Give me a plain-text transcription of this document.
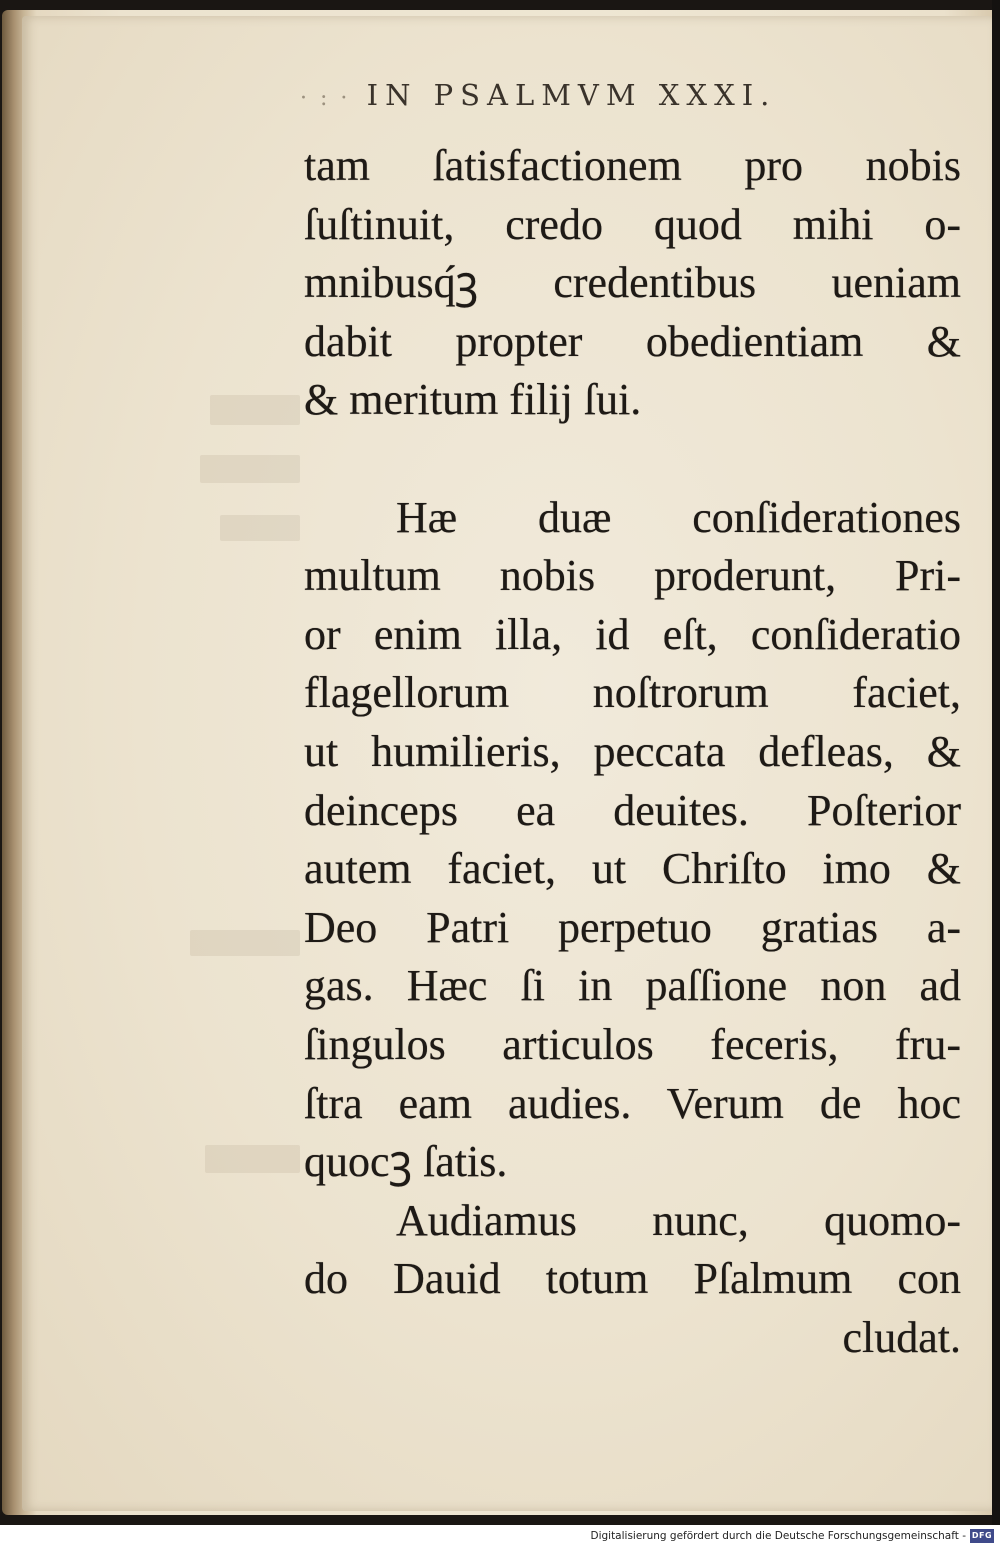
· : · IN PSALMVM XXXI.
tam ſatisfactionem pro nobis
ſuſtinuit, credo quod mihi o-
mnibusq́ꝫ credentibus ueniam
dabit propter obedientiam &
& meritum filij ſui.
Hæ duæ conſiderationes
multum nobis proderunt, Pri-
or enim illa, id eſt, conſideratio
flagellorum noſtrorum faciet,
ut humilieris, peccata defleas, &
deinceps ea deuites. Poſterior
autem faciet, ut Chriſto imo &
Deo Patri perpetuo gratias a-
gas. Hæc ſi in paſſione non ad
ſingulos articulos feceris, fru-
ſtra eam audies. Verum de hoc
quocꝫ ſatis.
Audiamus nunc, quomo-
do Dauid totum Pſalmum con
cludat.
Digitalisierung gefördert durch die Deutsche Forschungsgemeinschaft - DFG
